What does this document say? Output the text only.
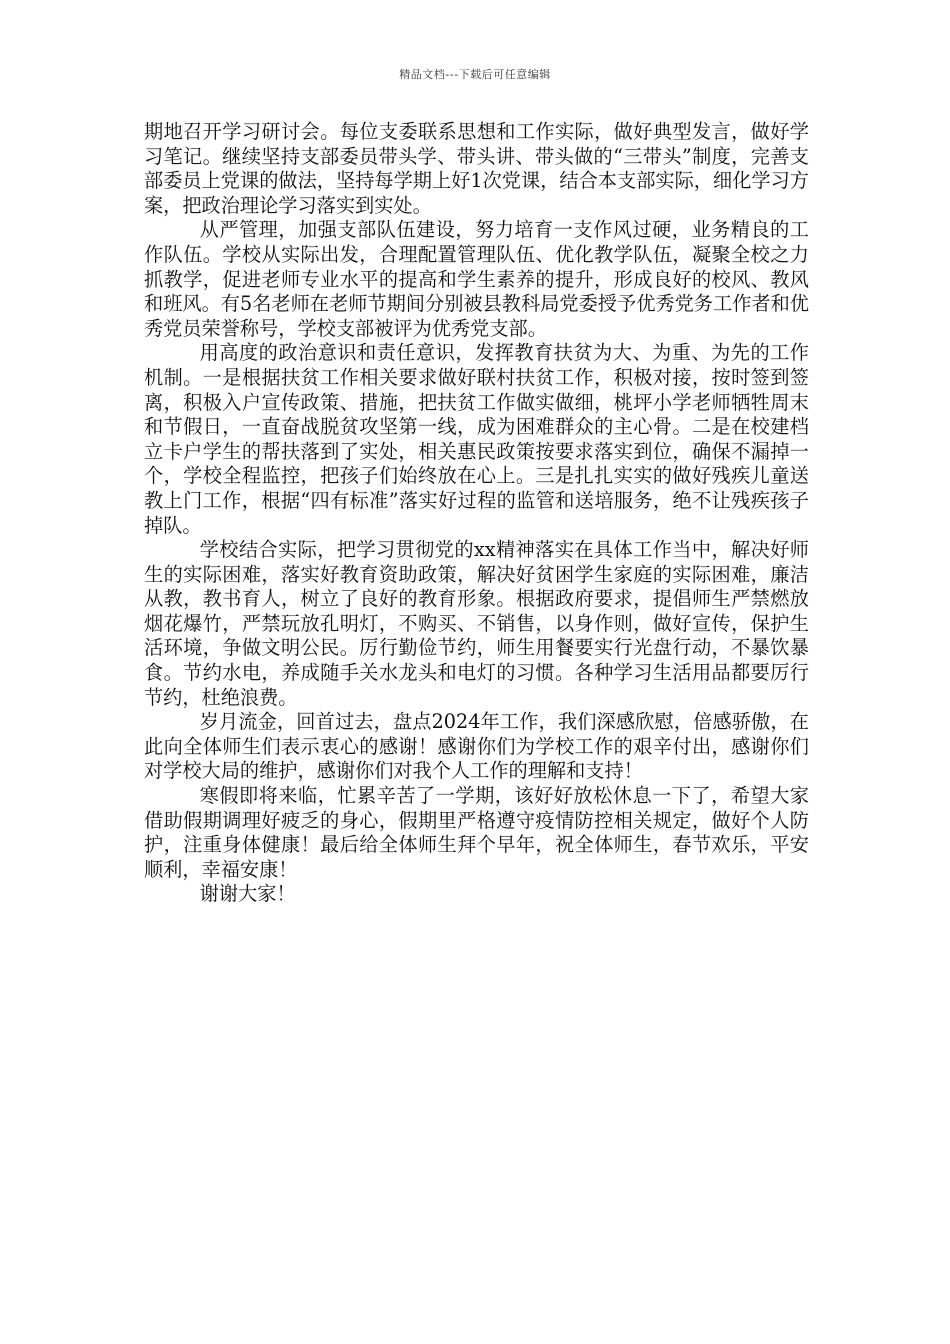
精品文档---下载后可任意编辑

期地召开学习研讨会。每位支委联系思想和工作实际，做好典型发言，做好学习笔记。继续坚持支部委员带头学、带头讲、带头做的“三带头”制度，完善支部委员上党课的做法，坚持每学期上好1次党课，结合本支部实际，细化学习方案，把政治理论学习落实到实处。

从严管理，加强支部队伍建设，努力培育一支作风过硬，业务精良的工作队伍。学校从实际出发，合理配置管理队伍、优化教学队伍，凝聚全校之力抓教学，促进老师专业水平的提高和学生素养的提升，形成良好的校风、教风和班风。有5名老师在老师节期间分别被县教科局党委授予优秀党务工作者和优秀党员荣誉称号，学校支部被评为优秀党支部。

用高度的政治意识和责任意识，发挥教育扶贫为大、为重、为先的工作机制。一是根据扶贫工作相关要求做好联村扶贫工作，积极对接，按时签到签离，积极入户宣传政策、措施，把扶贫工作做实做细，桃坪小学老师牺牲周末和节假日，一直奋战脱贫攻坚第一线，成为困难群众的主心骨。二是在校建档立卡户学生的帮扶落到了实处，相关惠民政策按要求落实到位，确保不漏掉一个，学校全程监控，把孩子们始终放在心上。三是扎扎实实的做好残疾儿童送教上门工作，根据“四有标准”落实好过程的监管和送培服务，绝不让残疾孩子掉队。

学校结合实际，把学习贯彻党的xx精神落实在具体工作当中，解决好师生的实际困难，落实好教育资助政策，解决好贫困学生家庭的实际困难，廉洁从教，教书育人，树立了良好的教育形象。根据政府要求，提倡师生严禁燃放烟花爆竹，严禁玩放孔明灯，不购买、不销售，以身作则，做好宣传，保护生活环境，争做文明公民。厉行勤俭节约，师生用餐要实行光盘行动，不暴饮暴食。节约水电，养成随手关水龙头和电灯的习惯。各种学习生活用品都要厉行节约，杜绝浪费。

岁月流金，回首过去，盘点2024年工作，我们深感欣慰，倍感骄傲，在此向全体师生们表示衷心的感谢！感谢你们为学校工作的艰辛付出，感谢你们对学校大局的维护，感谢你们对我个人工作的理解和支持！

寒假即将来临，忙累辛苦了一学期，该好好放松休息一下了，希望大家借助假期调理好疲乏的身心，假期里严格遵守疫情防控相关规定，做好个人防护，注重身体健康！最后给全体师生拜个早年，祝全体师生，春节欢乐，平安顺利，幸福安康！

谢谢大家！
